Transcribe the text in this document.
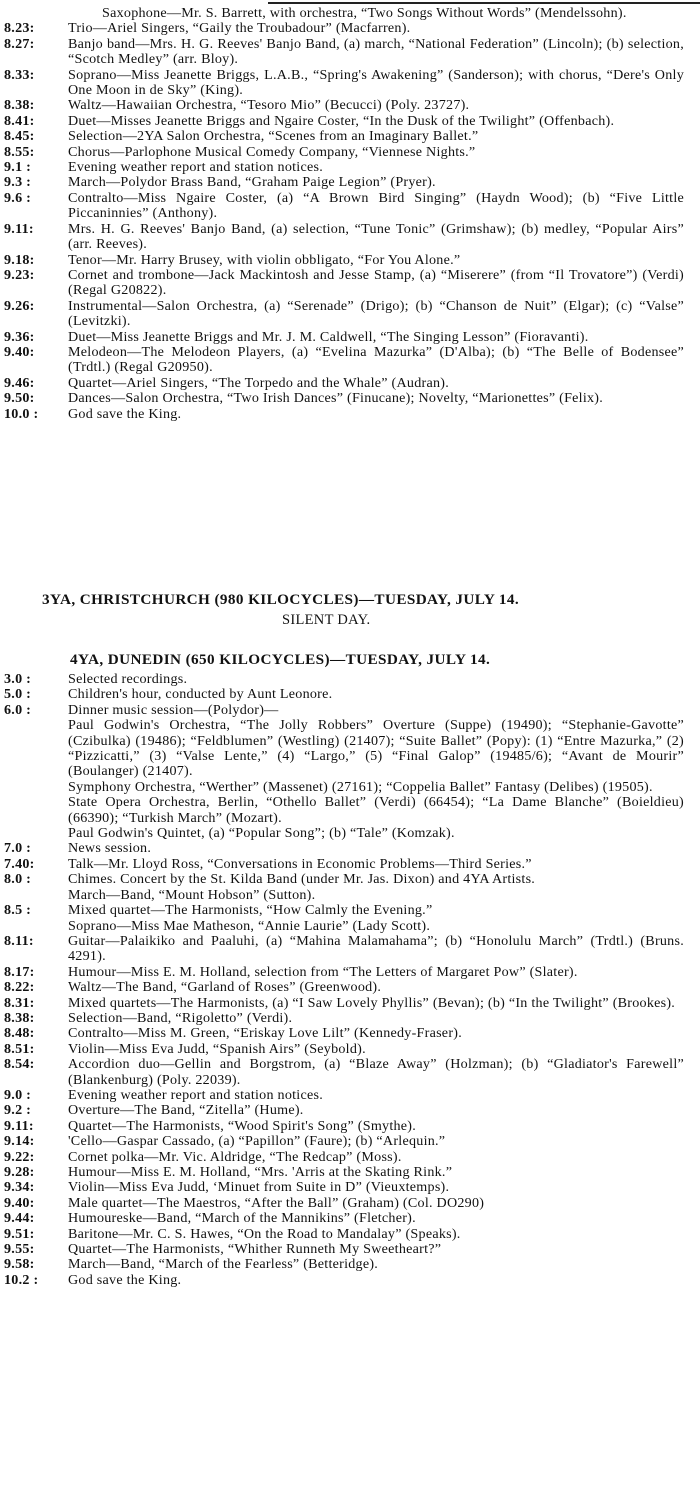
Saxophone—Mr. S. Barrett, with orchestra, “Two Songs Without Words” (Mendelssohn).
8.23:	Trio—Ariel Singers, “Gaily the Troubadour” (Macfarren).
8.27:	Banjo band—Mrs. H. G. Reeves' Banjo Band, (a) march, “National Federation” (Lincoln); (b) selection, “Scotch Medley” (arr. Bloy).
8.33:	Soprano—Miss Jeanette Briggs, L.A.B., “Spring's Awakening” (Sanderson); with chorus, “Dere's Only One Moon in de Sky” (King).
8.38:	Waltz—Hawaiian Orchestra, “Tesoro Mio” (Becucci) (Poly. 23727).
8.41:	Duet—Misses Jeanette Briggs and Ngaire Coster, “In the Dusk of the Twilight” (Offenbach).
8.45:	Selection—2YA Salon Orchestra, “Scenes from an Imaginary Ballet.”
8.55:	Chorus—Parlophone Musical Comedy Company, “Viennese Nights.”
9.1 :	Evening weather report and station notices.
9.3 :	March—Polydor Brass Band, “Graham Paige Legion” (Pryer).
9.6 :	Contralto—Miss Ngaire Coster, (a) “A Brown Bird Singing” (Haydn Wood); (b) “Five Little Piccaninnies” (Anthony).
9.11:	Mrs. H. G. Reeves' Banjo Band, (a) selection, “Tune Tonic” (Grimshaw); (b) medley, “Popular Airs” (arr. Reeves).
9.18:	Tenor—Mr. Harry Brusey, with violin obbligato, “For You Alone.”
9.23:	Cornet and trombone—Jack Mackintosh and Jesse Stamp, (a) “Miserere” (from “Il Trovatore”) (Verdi) (Regal G20822).
9.26:	Instrumental—Salon Orchestra, (a) “Serenade” (Drigo); (b) “Chanson de Nuit” (Elgar); (c) “Valse” (Levitzki).
9.36:	Duet—Miss Jeanette Briggs and Mr. J. M. Caldwell, “The Singing Lesson” (Fioravanti).
9.40:	Melodeon—The Melodeon Players, (a) “Evelina Mazurka” (D'Alba); (b) “The Belle of Bodensee” (Trdtl.) (Regal G20950).
9.46:	Quartet—Ariel Singers, “The Torpedo and the Whale” (Audran).
9.50:	Dances—Salon Orchestra, “Two Irish Dances” (Finucane); Novelty, “Marionettes” (Felix).
10.0 :	God save the King.
3YA, CHRISTCHURCH (980 KILOCYCLES)—TUESDAY, JULY 14.
SILENT DAY.
4YA, DUNEDIN (650 KILOCYCLES)—TUESDAY, JULY 14.
3.0 :	Selected recordings.
5.0 :	Children's hour, conducted by Aunt Leonore.
6.0 :	Dinner music session—(Polydor)—
Paul Godwin's Orchestra, “The Jolly Robbers” Overture (Suppe) (19490); “Stephanie-Gavotte” (Czibulka) (19486); “Feldblumen” (Westling) (21407); “Suite Ballet” (Popy): (1) “Entre Mazurka,” (2) “Pizzicatti,” (3) “Valse Lente,” (4) “Largo,” (5) “Final Galop” (19485/6); “Avant de Mourir” (Boulanger) (21407).
Symphony Orchestra, “Werther” (Massenet) (27161); “Coppelia Ballet” Fantasy (Delibes) (19505).
State Opera Orchestra, Berlin, “Othello Ballet” (Verdi) (66454); “La Dame Blanche” (Boieldieu) (66390); “Turkish March” (Mozart).
Paul Godwin's Quintet, (a) “Popular Song”; (b) “Tale” (Komzak).
7.0 :	News session.
7.40:	Talk—Mr. Lloyd Ross, “Conversations in Economic Problems—Third Series.”
8.0 :	Chimes. Concert by the St. Kilda Band (under Mr. Jas. Dixon) and 4YA Artists.
March—Band, “Mount Hobson” (Sutton).
8.5 :	Mixed quartet—The Harmonists, “How Calmly the Evening.”
Soprano—Miss Mae Matheson, “Annie Laurie” (Lady Scott).
8.11:	Guitar—Palaikiko and Paaluhi, (a) “Mahina Malamahama”; (b) “Honolulu March” (Trdtl.) (Bruns. 4291).
8.17:	Humour—Miss E. M. Holland, selection from “The Letters of Margaret Pow” (Slater).
8.22:	Waltz—The Band, “Garland of Roses” (Greenwood).
8.31:	Mixed quartets—The Harmonists, (a) “I Saw Lovely Phyllis” (Bevan); (b) “In the Twilight” (Brookes).
8.38:	Selection—Band, “Rigoletto” (Verdi).
8.48:	Contralto—Miss M. Green, “Eriskay Love Lilt” (Kennedy-Fraser).
8.51:	Violin—Miss Eva Judd, “Spanish Airs” (Seybold).
8.54:	Accordion duo—Gellin and Borgstrom, (a) “Blaze Away” (Holzman); (b) “Gladiator's Farewell” (Blankenburg) (Poly. 22039).
9.0 :	Evening weather report and station notices.
9.2 :	Overture—The Band, “Zitella” (Hume).
9.11:	Quartet—The Harmonists, “Wood Spirit's Song” (Smythe).
9.14:	'Cello—Gaspar Cassado, (a) “Papillon” (Faure); (b) “Arlequin.”
9.22:	Cornet polka—Mr. Vic. Aldridge, “The Redcap” (Moss).
9.28:	Humour—Miss E. M. Holland, “Mrs. 'Arris at the Skating Rink.”
9.34:	Violin—Miss Eva Judd, ‘Minuet from Suite in D” (Vieuxtemps).
9.40:	Male quartet—The Maestros, “After the Ball” (Graham) (Col. DO290)
9.44:	Humoureske—Band, “March of the Mannikins” (Fletcher).
9.51:	Baritone—Mr. C. S. Hawes, “On the Road to Mandalay” (Speaks).
9.55:	Quartet—The Harmonists, “Whither Runneth My Sweetheart?”
9.58:	March—Band, “March of the Fearless” (Betteridge).
10.2 :	God save the King.
